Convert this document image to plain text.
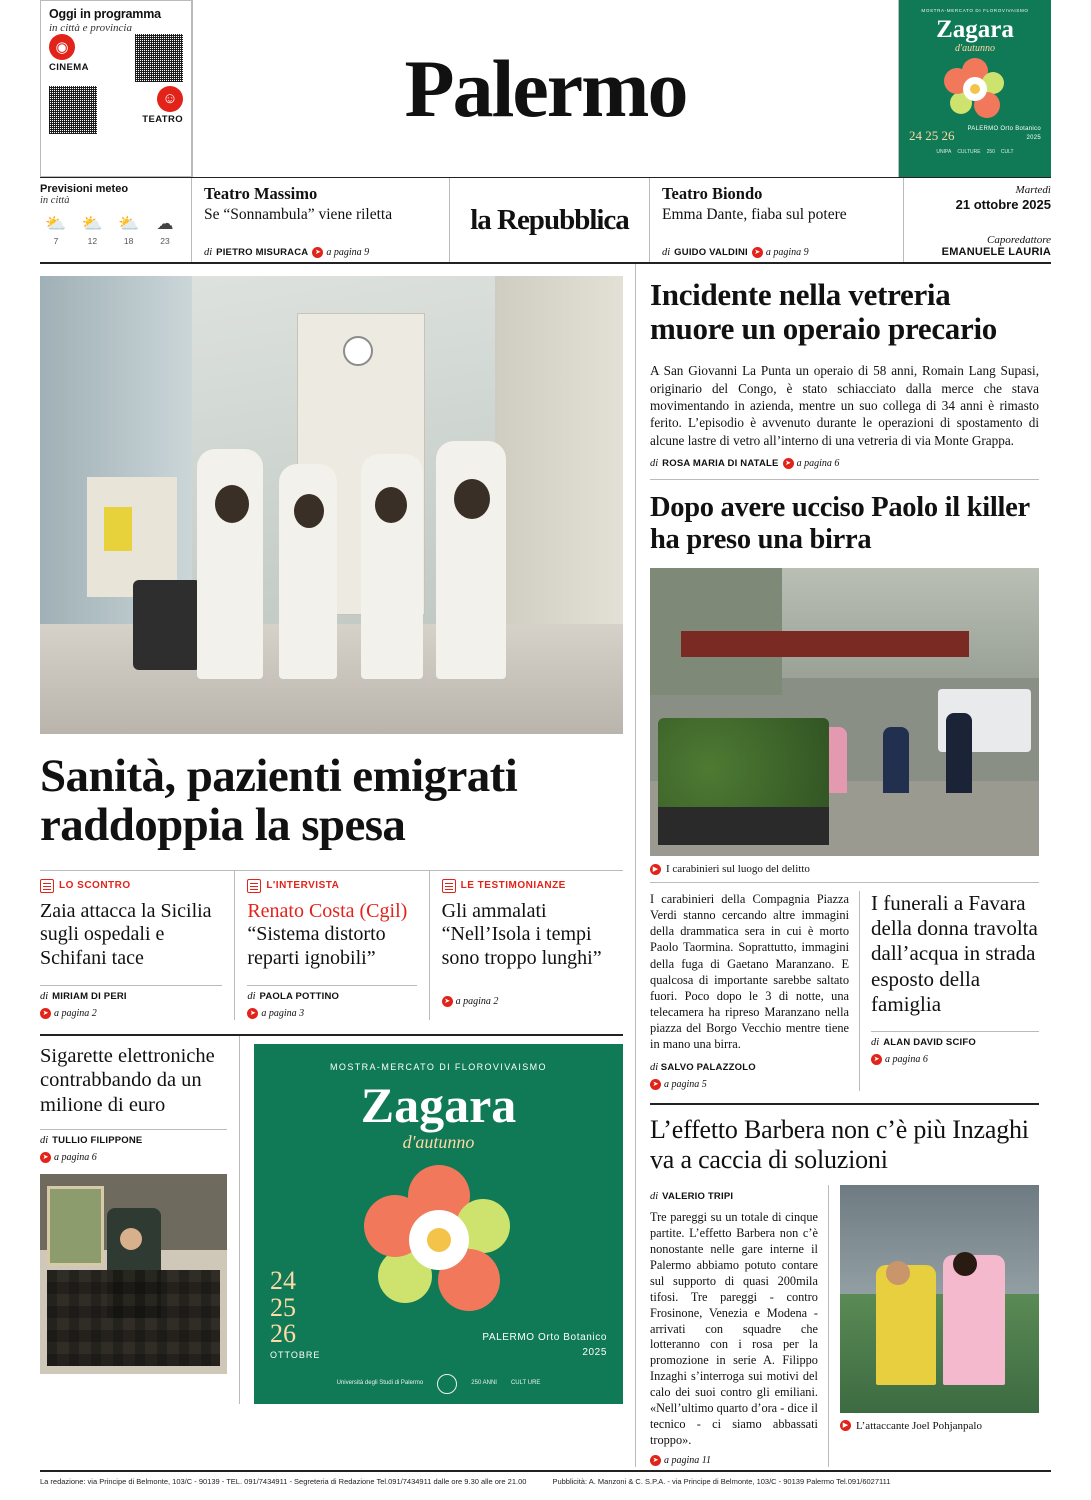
Oggi in programma
in città e provincia
◉
CINEMA
☺
TEATRO	Palermo
MOSTRA-MERCATO DI FLOROVIVAISMO
Zagara
d'autunno
24 25 26 PALERMO Orto Botanico
2025
UNIPA CULTURE 250 CULT
Previsioni meteo
in città
⛅
7
⛅
12
⛅
18
☁
23
Teatro Massimo
Se “Sonnambula” viene riletta
di PIETRO MISURACA ➤ a pagina 9
la Repubblica
Teatro Biondo
Emma Dante, fiaba sul potere
di GUIDO VALDINI ➤ a pagina 9
Martedì
21 ottobre 2025
Caporedattore
EMANUELE LAURIA
Sanità, pazienti emigrati raddoppia la spesa
LO SCONTRO
Zaia attacca la Sicilia sugli ospedali e Schifani tace
di MIRIAM DI PERI
➤ a pagina 2
L'INTERVISTA
Renato Costa (Cgil)
“Sistema distorto reparti ignobili”
di PAOLA POTTINO
➤ a pagina 3
LE TESTIMONIANZE
Gli ammalati “Nell’Isola i tempi sono troppo lunghi”
➤ a pagina 2
Sigarette elettroniche contrabbando da un milione di euro
di TULLIO FILIPPONE
➤ a pagina 6
MOSTRA-MERCATO DI FLOROVIVAISMO
Zagara
d'autunno
24
25
26
OTTOBRE
PALERMO Orto Botanico
2025
Università degli Studi di Palermo	250 ANNI CULT URE
Incidente nella vetreria muore un operaio precario
A San Giovanni La Punta un operaio di 58 anni, Romain Lang Supasi, originario del Congo, è stato schiacciato dalla merce che stava movimentando in azienda, mentre un suo collega di 34 anni è rimasto ferito. L’episodio è avvenuto durante le operazioni di spostamento di alcune lastre di vetro all’interno di una vetreria di via Monte Grappa.
di ROSA MARIA DI NATALE ➤ a pagina 6
Dopo avere ucciso Paolo il killer ha preso una birra
▶ I carabinieri sul luogo del delitto
I carabinieri della Compagnia Piazza Verdi stanno cercando altre immagini della drammatica sera in cui è morto Paolo Taormina. Soprattutto, immagini della fuga di Gaetano Maranzano. E qualcosa di importante sarebbe saltato fuori. Poco dopo le 3 di notte, una telecamera ha ripreso Maranzano nella piazza del Borgo Vecchio mentre tiene in mano una birra.
di SALVO PALAZZOLO
➤ a pagina 5
I funerali a Favara della donna travolta dall’acqua in strada esposto della famiglia
di ALAN DAVID SCIFO
➤ a pagina 6
L’effetto Barbera non c’è più Inzaghi va a caccia di soluzioni
di VALERIO TRIPI
Tre pareggi su un totale di cinque partite. L’effetto Barbera non c’è nonostante nelle gare interne il Palermo abbiamo potuto contare sul supporto di quasi 200mila tifosi. Tre pareggi - contro Frosinone, Venezia e Modena - arrivati con squadre che lotteranno con i rosa per la promozione in serie A. Filippo Inzaghi s’interroga sui motivi del calo dei suoi contro gli emiliani. «Nell’ultimo quarto d’ora - dice il tecnico - ci siamo abbassati troppo».
➤ a pagina 11
▶ L’attaccante Joel Pohjanpalo
La redazione: via Principe di Belmonte, 103/C - 90139 - TEL. 091/7434911 - Segreteria di Redazione Tel.091/7434911 dalle ore 9.30 alle ore 21.00	Pubblicità: A. Manzoni & C. S.P.A. - via Principe di Belmonte, 103/C - 90139 Palermo Tel.091/6027111
